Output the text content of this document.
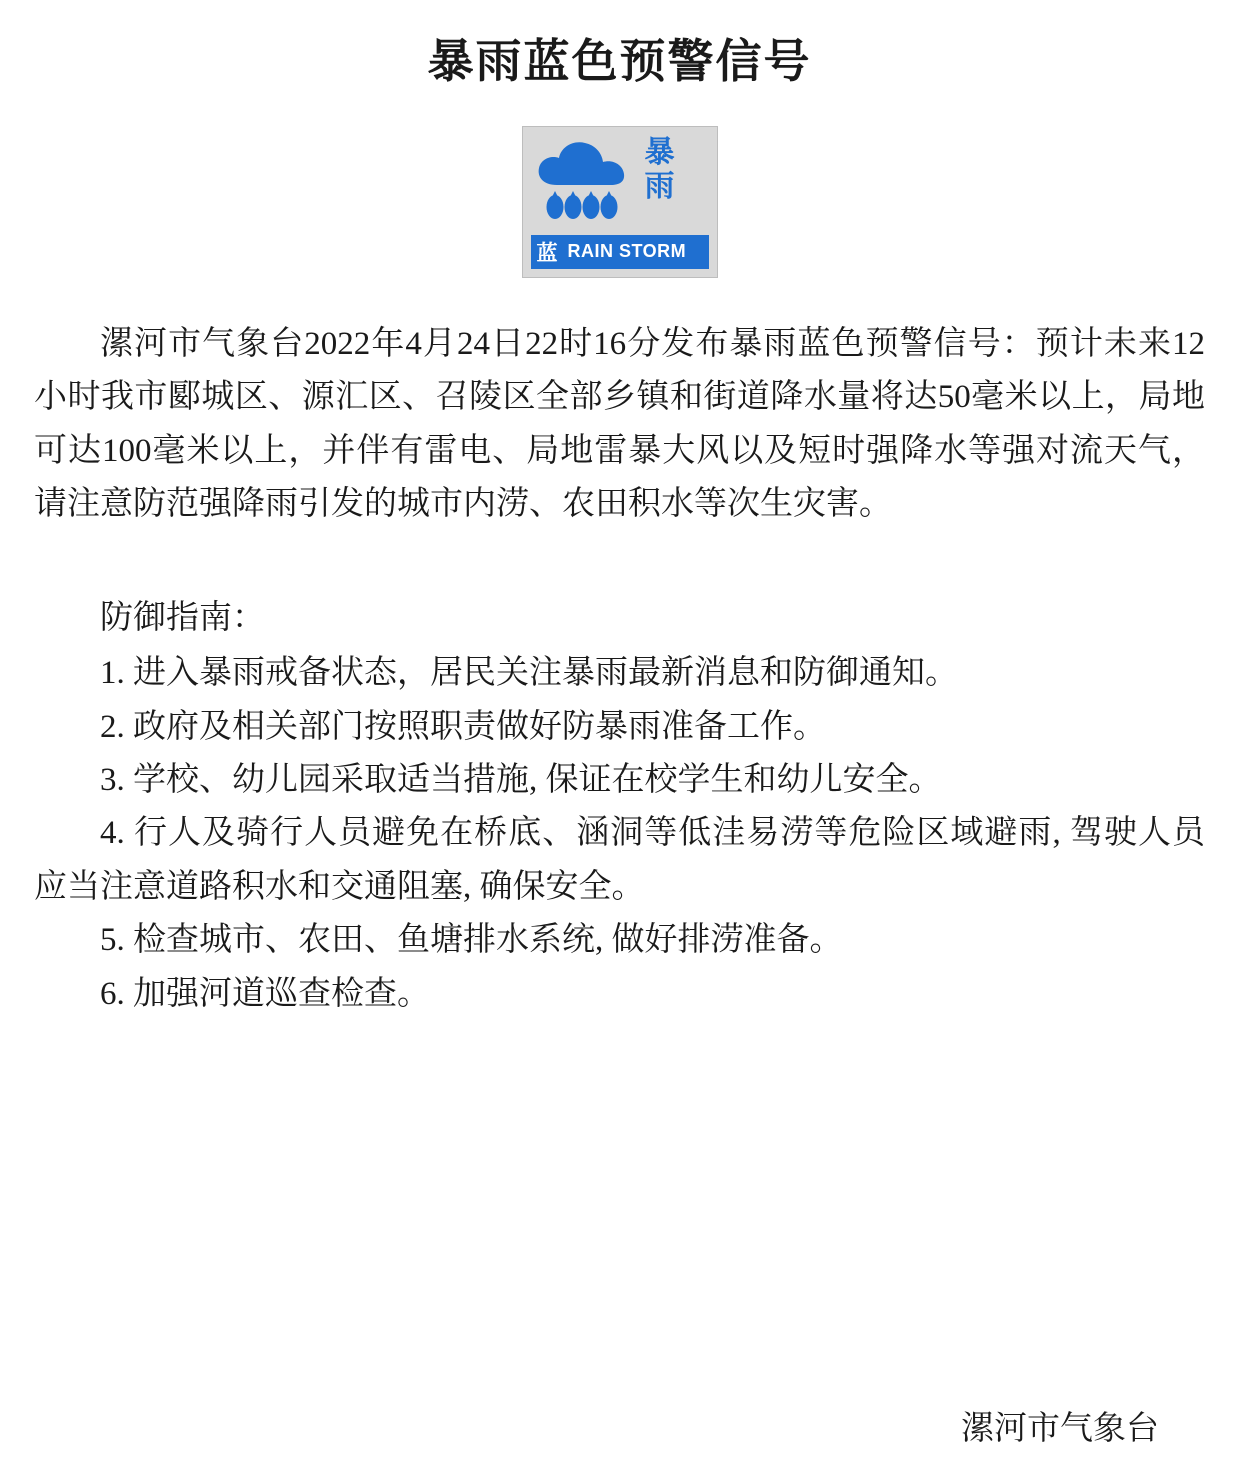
暴雨蓝色预警信号
暴
雨
蓝 RAIN STORM

漯河市气象台2022年4月24日22时16分发布暴雨蓝色预警信号：预计未来12小时我市郾城区、源汇区、召陵区全部乡镇和街道降水量将达50毫米以上，局地可达100毫米以上，并伴有雷电、局地雷暴大风以及短时强降水等强对流天气，请注意防范强降雨引发的城市内涝、农田积水等次生灾害。

防御指南：

1. 进入暴雨戒备状态，居民关注暴雨最新消息和防御通知。

2. 政府及相关部门按照职责做好防暴雨准备工作。

3. 学校、幼儿园采取适当措施, 保证在校学生和幼儿安全。

4. 行人及骑行人员避免在桥底、涵洞等低洼易涝等危险区域避雨, 驾驶人员应当注意道路积水和交通阻塞, 确保安全。

5. 检查城市、农田、鱼塘排水系统, 做好排涝准备。

6. 加强河道巡查检查。

漯河市气象台
